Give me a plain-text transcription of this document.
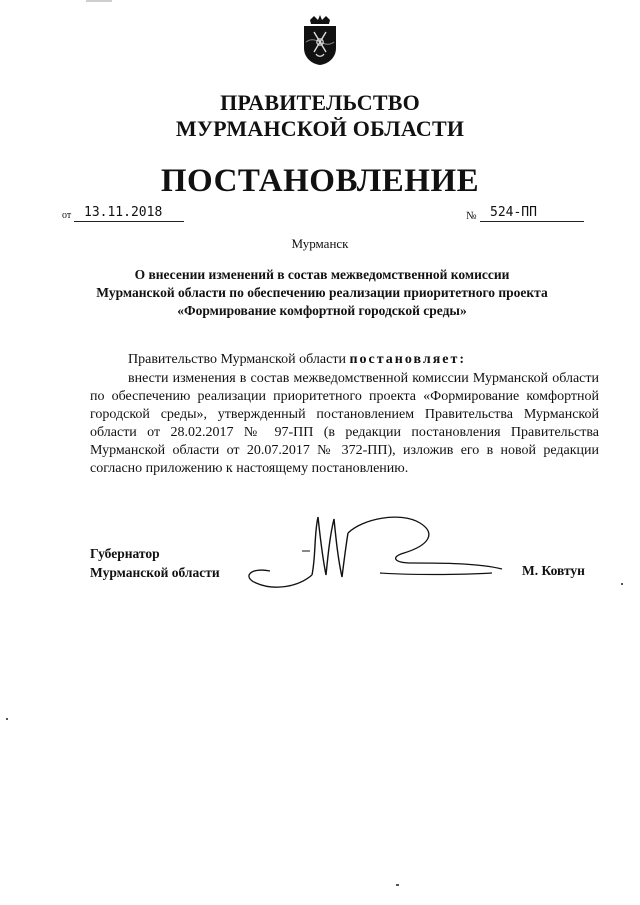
ПРАВИТЕЛЬСТВО
МУРМАНСКОЙ ОБЛАСТИ
ПОСТАНОВЛЕНИЕ
от 13.11.2018	№	524-ПП
Мурманск
О внесении изменений в состав межведомственной комиссии Мурманской области по обеспечению реализации приоритетного проекта «Формирование комфортной городской среды»
Правительство Мурманской области постановляет:
внести изменения в состав межведомственной комиссии Мурманской области по обеспечению реализации приоритетного проекта «Формирование комфортной городской среды», утвержденный постановлением Правительства Мурманской области от 28.02.2017 № 97-ПП (в редакции постановления Правительства Мурманской области от 20.07.2017 № 372-ПП), изложив его в новой редакции согласно приложению к настоящему постановлению.
Губернатор
Мурманской области	М. Ковтун
